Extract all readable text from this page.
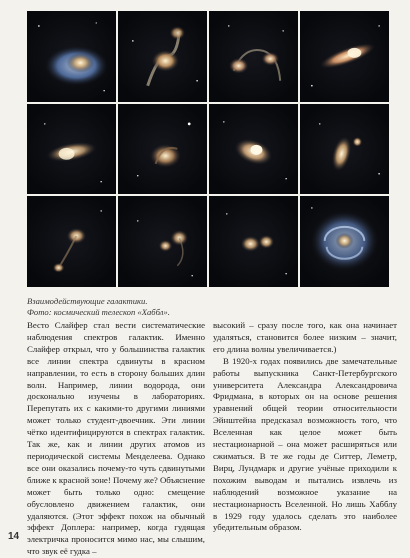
Взаимодействующие галактики.
Фото: космический телескоп «Хаббл».

Весто Слайфер стал вести систематические наблюдения спектров галактик. Именно Слайфер открыл, что у большинства галактик все линии спектра сдвинуты в красном направлении, то есть в сторону больших длин волн. Например, линии водорода, они досконально изучены в лабораториях. Перепутать их с какими-то другими линиями может только студент-двоечник. Эти линии чётко идентифицируются в спектрах галактик. Так же, как и линии других атомов из периодической системы Менделеева. Однако все они оказались почему-то чуть сдвинутыми ближе к красной зоне! Почему же? Объяснение может быть только одно: смещение обусловлено движением галактик, они удаляются. (Этот эффект похож на обычный эффект Доплера: например, когда гудящая электричка проносится мимо нас, мы слышим, что звук её гудка –

высокий – сразу после того, как она начинает удаляться, становится более низким – значит, его длина волны увеличивается.)

В 1920-х годах появились две замечательные работы выпускника Санкт-Петербургского университета Александра Александровича Фридмана, в которых он на основе решения уравнений общей теории относительности Эйнштейна предсказал возможность того, что Вселенная как целое может быть нестационарной – она может расширяться или сжиматься. В те же годы де Ситтер, Леметр, Вирц, Лундмарк и другие учёные приходили к похожим выводам и пытались извлечь из наблюдений возможное указание на нестационарность Вселенной. Но лишь Хабблу в 1929 году удалось сделать это наиболее убедительным образом.

14
